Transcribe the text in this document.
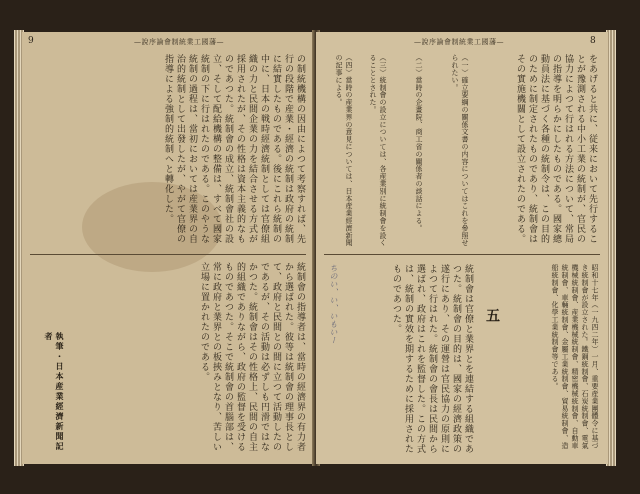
9	—說序論會制統業工國藩—
の制統機構の因由によつて考察すれば、先行の段階で産業・經濟の統制は政府の統制に結實したものである。後にこれら統制の中に、日本の戦時經濟統制としては官僚組織の力と民間企業の力を結合させる方式が採用されたが、その性格は資本主義的なものであつた。統制會の成立、統制會社の設立、そして配給機構の整備は、すべて國家統制の下に行はれたのである。このやうな統制の過程は、當初においては産業界の自治的統制として出發したが、やがて官僚の指導による強制的統制へと轉化した。
統制會の指導者は、當時の經濟界の有力者から選ばれた。彼等は統制會の理事長として、政府と民間との間に立つて活動したのであるが、その活動は必ずしも円滑ではなかつた。統制會はその性格上、民間の自主的組織でありながら、政府の監督を受けるものであつた。そこで統制會の首腦部は、常に政府と業界との板挾みとなり、苦しい立場に置かれたのである。
執筆・日本産業經濟新聞記者
8
—說序論會制統業工國藩—
をあげると共に、従来において先行することが豫測される中小工業の統制が、官民の協力によつて行はれる方法について、常局の指導を明らかにしたものである。國家總動員法に基づく各種の統制令は、この目的のために制定されたものであり、統制會はその實施機關として設立されたのである。
（一）確立要綱の關係文書の内容についてはこれを參照せられたい。
（二）當時の企畫院、商工省の關係者の談話による。
（三）統制會の設立については、各産業別に統制會を設くることとされた。
（四）當時の産業界の意見については、日本産業經濟新聞の記事による。
昭和十七年（一九四二年）一月、重要産業團體令に基づき統制會が設立された。鐵鋼統制會、石炭統制會、電氣機械統制會、産業機械統制會、精密機械統制會、自動車統制會、車輛統制會、金屬工業統制會、貿易統制會、造船統制會、化學工業統制會等である。
五
統制會は官僚と業界とを連結する組織であつた。統制會の目的は、國家の經濟政策の遂行にあり、その運營は官民協力の原則によつて行はれた。統制會の會長は民間から選ばれ、政府はこれを監督した。この方式は、統制の實效を期するために採用されたものであつた。
ちのい、い、いもいー
